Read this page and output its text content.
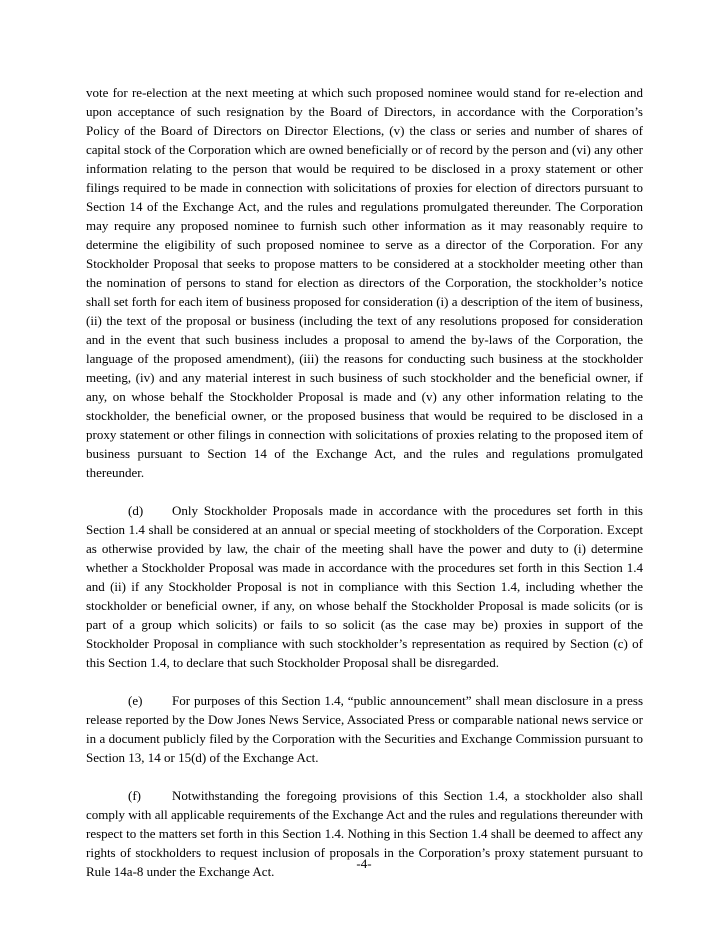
vote for re-election at the next meeting at which such proposed nominee would stand for re-election and upon acceptance of such resignation by the Board of Directors, in accordance with the Corporation’s Policy of the Board of Directors on Director Elections, (v) the class or series and number of shares of capital stock of the Corporation which are owned beneficially or of record by the person and (vi) any other information relating to the person that would be required to be disclosed in a proxy statement or other filings required to be made in connection with solicitations of proxies for election of directors pursuant to Section 14 of the Exchange Act, and the rules and regulations promulgated thereunder. The Corporation may require any proposed nominee to furnish such other information as it may reasonably require to determine the eligibility of such proposed nominee to serve as a director of the Corporation. For any Stockholder Proposal that seeks to propose matters to be considered at a stockholder meeting other than the nomination of persons to stand for election as directors of the Corporation, the stockholder’s notice shall set forth for each item of business proposed for consideration (i) a description of the item of business, (ii) the text of the proposal or business (including the text of any resolutions proposed for consideration and in the event that such business includes a proposal to amend the by-laws of the Corporation, the language of the proposed amendment), (iii) the reasons for conducting such business at the stockholder meeting, (iv) and any material interest in such business of such stockholder and the beneficial owner, if any, on whose behalf the Stockholder Proposal is made and (v) any other information relating to the stockholder, the beneficial owner, or the proposed business that would be required to be disclosed in a proxy statement or other filings in connection with solicitations of proxies relating to the proposed item of business pursuant to Section 14 of the Exchange Act, and the rules and regulations promulgated thereunder.

(d) Only Stockholder Proposals made in accordance with the procedures set forth in this Section 1.4 shall be considered at an annual or special meeting of stockholders of the Corporation. Except as otherwise provided by law, the chair of the meeting shall have the power and duty to (i) determine whether a Stockholder Proposal was made in accordance with the procedures set forth in this Section 1.4 and (ii) if any Stockholder Proposal is not in compliance with this Section 1.4, including whether the stockholder or beneficial owner, if any, on whose behalf the Stockholder Proposal is made solicits (or is part of a group which solicits) or fails to so solicit (as the case may be) proxies in support of the Stockholder Proposal in compliance with such stockholder’s representation as required by Section (c) of this Section 1.4, to declare that such Stockholder Proposal shall be disregarded.

(e) For purposes of this Section 1.4, “public announcement” shall mean disclosure in a press release reported by the Dow Jones News Service, Associated Press or comparable national news service or in a document publicly filed by the Corporation with the Securities and Exchange Commission pursuant to Section 13, 14 or 15(d) of the Exchange Act.

(f) Notwithstanding the foregoing provisions of this Section 1.4, a stockholder also shall comply with all applicable requirements of the Exchange Act and the rules and regulations thereunder with respect to the matters set forth in this Section 1.4. Nothing in this Section 1.4 shall be deemed to affect any rights of stockholders to request inclusion of proposals in the Corporation’s proxy statement pursuant to Rule 14a-8 under the Exchange Act.

-4-
